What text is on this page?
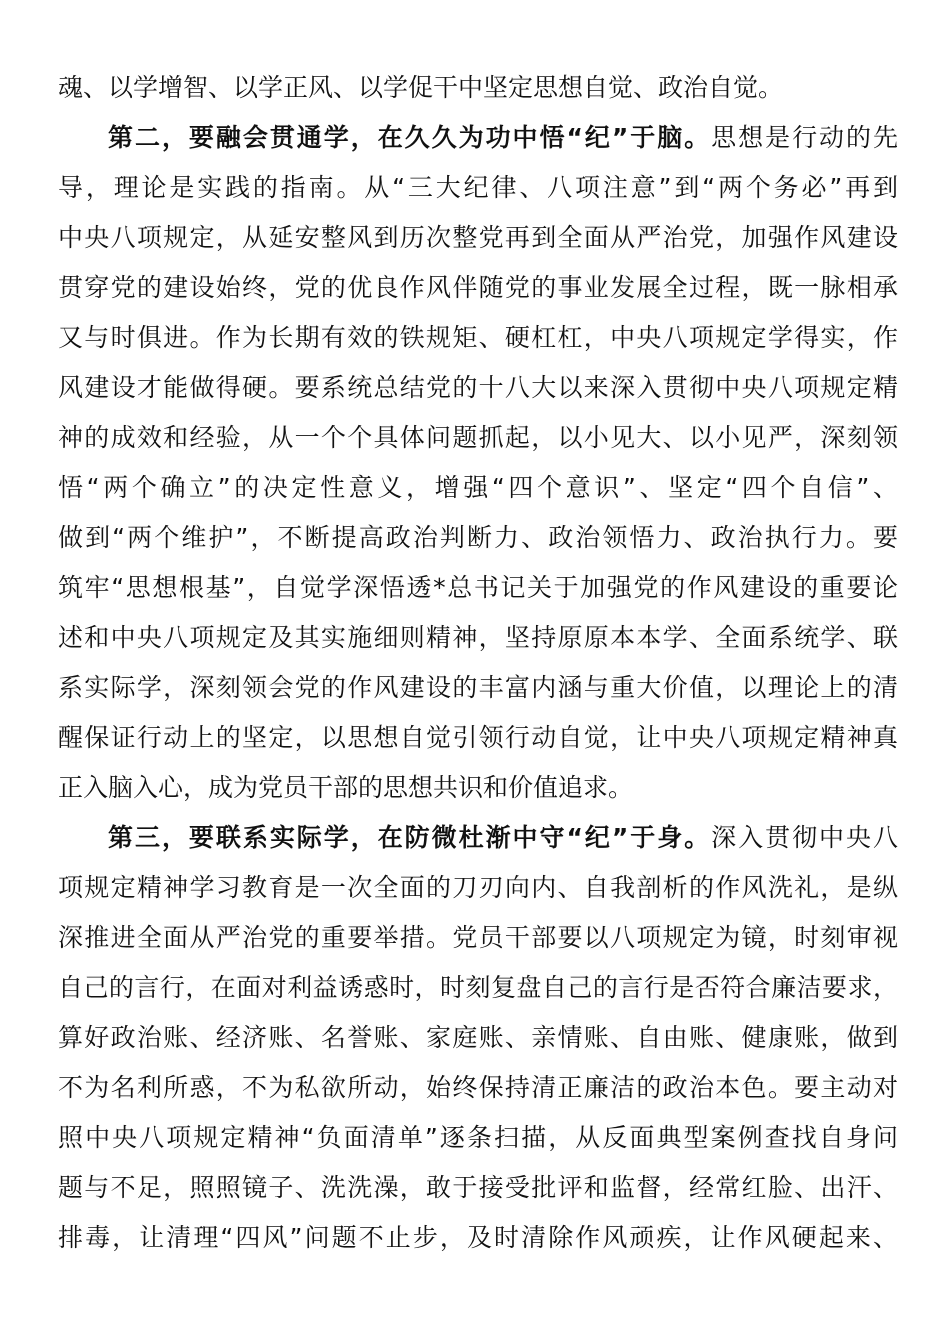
魂、以学增智、以学正风、以学促干中坚定思想自觉、政治自觉。
第二，要融会贯通学，在久久为功中悟“纪”于脑。思想是行动的先
导，理论是实践的指南。从“三大纪律、八项注意”到“两个务必”再到
中央八项规定，从延安整风到历次整党再到全面从严治党，加强作风建设
贯穿党的建设始终，党的优良作风伴随党的事业发展全过程，既一脉相承
又与时俱进。作为长期有效的铁规矩、硬杠杠，中央八项规定学得实，作
风建设才能做得硬。要系统总结党的十八大以来深入贯彻中央八项规定精
神的成效和经验，从一个个具体问题抓起，以小见大、以小见严，深刻领
悟“两个确立”的决定性意义，增强“四个意识”、坚定“四个自信”、
做到“两个维护”，不断提高政治判断力、政治领悟力、政治执行力。要
筑牢“思想根基”，自觉学深悟透*总书记关于加强党的作风建设的重要论
述和中央八项规定及其实施细则精神，坚持原原本本学、全面系统学、联
系实际学，深刻领会党的作风建设的丰富内涵与重大价值，以理论上的清
醒保证行动上的坚定，以思想自觉引领行动自觉，让中央八项规定精神真
正入脑入心，成为党员干部的思想共识和价值追求。
第三，要联系实际学，在防微杜渐中守“纪”于身。深入贯彻中央八
项规定精神学习教育是一次全面的刀刃向内、自我剖析的作风洗礼，是纵
深推进全面从严治党的重要举措。党员干部要以八项规定为镜，时刻审视
自己的言行，在面对利益诱惑时，时刻复盘自己的言行是否符合廉洁要求，
算好政治账、经济账、名誉账、家庭账、亲情账、自由账、健康账，做到
不为名利所惑，不为私欲所动，始终保持清正廉洁的政治本色。要主动对
照中央八项规定精神“负面清单”逐条扫描，从反面典型案例查找自身问
题与不足，照照镜子、洗洗澡，敢于接受批评和监督，经常红脸、出汗、
排毒，让清理“四风”问题不止步，及时清除作风顽疾，让作风硬起来、
